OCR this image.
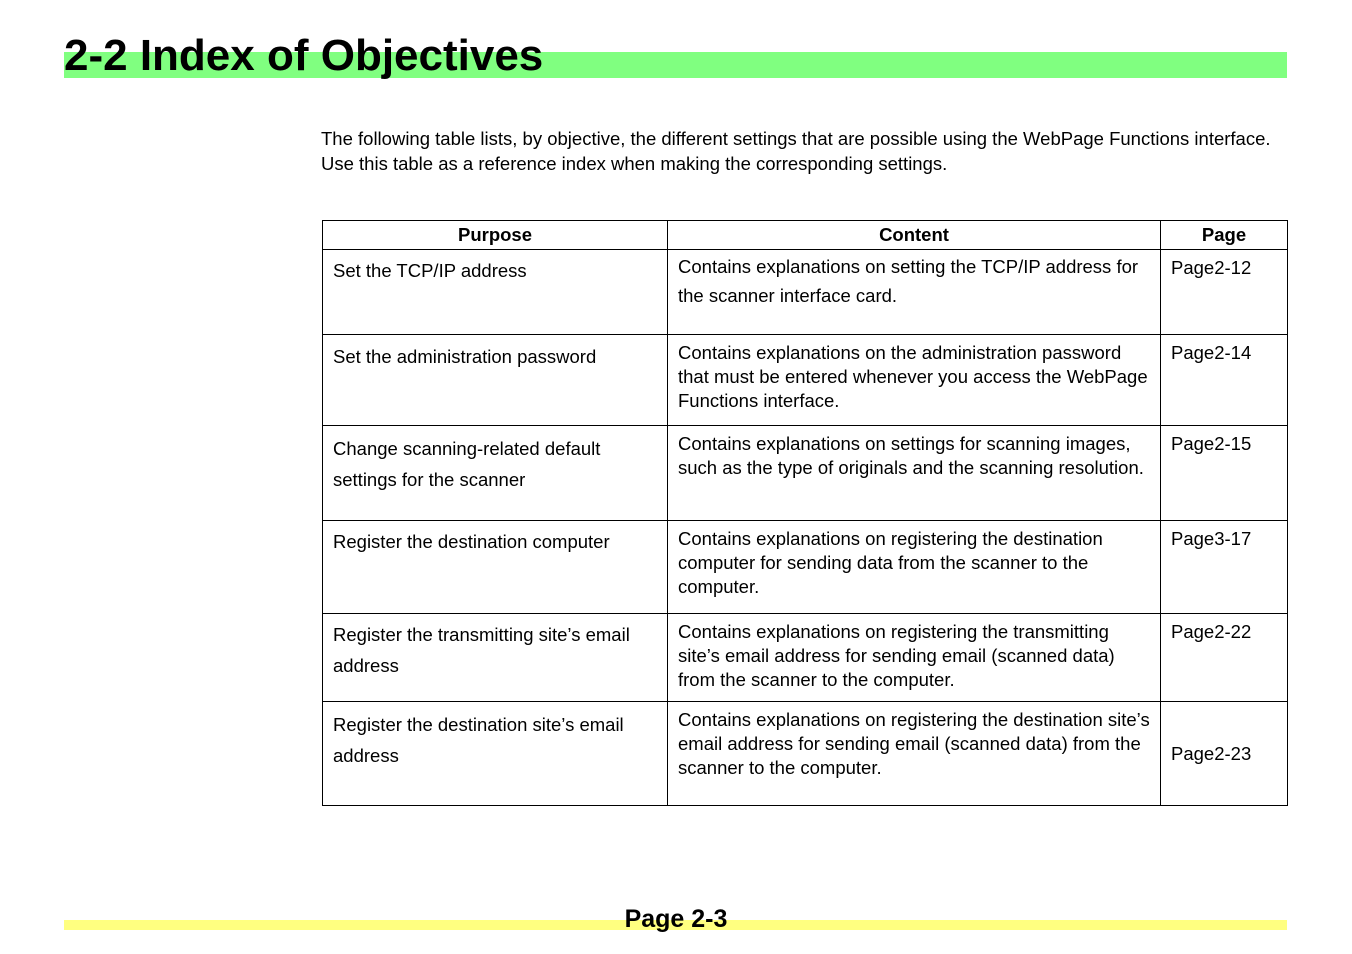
2-2 Index of Objectives

The following table lists, by objective, the different settings that are possible using the WebPage Functions interface. Use this table as a reference index when making the corresponding settings.

Purpose	Content	Page
Set the TCP/IP address	Contains explanations on setting the TCP/IP address for the scanner interface card.	Page2-12
Set the administration password	Contains explanations on the administration password that must be entered whenever you access the WebPage Functions interface.	Page2-14
Change scanning-related default settings for the scanner	Contains explanations on settings for scanning images, such as the type of originals and the scanning resolution.	Page2-15
Register the destination computer	Contains explanations on registering the destination computer for sending data from the scanner to the computer.	Page3-17
Register the transmitting site’s email address	Contains explanations on registering the transmitting site’s email address for sending email (scanned data) from the scanner to the computer.	Page2-22
Register the destination site’s email address	Contains explanations on registering the destination site’s email address for sending email (scanned data) from the scanner to the computer.	Page2-23
Page 2-3
